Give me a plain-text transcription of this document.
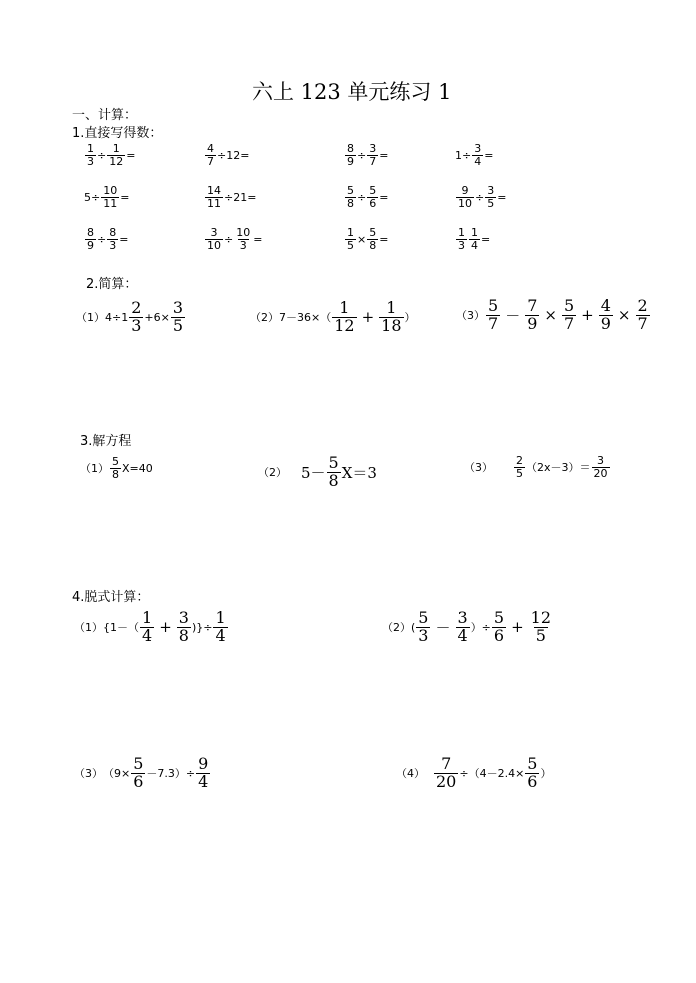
六上 123 单元练习 1
一、计算：
1.直接写得数：
$\frac{1}{3} \div \frac{1}{12}$ =	$\frac{4}{7} \div 12$ =	$\frac{8}{9} \div \frac{3}{7}$ =	$1 \div \frac{3}{4}$ =
$5 \div \frac{10}{11}$ =	$\frac{14}{11} \div 21$ =	$\frac{5}{8} \div \frac{5}{6}$ =	$\frac{9}{10} \div \frac{3}{5}$ =
$\frac{8}{9} \div \frac{8}{3}$ =	$\frac{3}{10} \div \frac{10}{3}$ =	$\frac{1}{5} \times \frac{5}{8}$ =	$\frac{1}{3} \frac{1}{4}$ =
2.简算：
（1） $4\div 1 \frac{2}{3} +6\times \frac{3}{5}$	（2） $7-36\times( \frac{1}{12} + \frac{1}{18}$ ）	$(3) \frac{5}{7} - \frac{7}{9} \times \frac{5}{7} + \frac{4}{9} \times \frac{2}{7}$
3.解方程
$(1) \frac{5}{8} X=40$	（2） $5- \frac{5}{8} X=3$	$(3) \frac{2}{5} (2x-3)= \frac{3}{20}$
4.脱式计算：
（1） {$1-( \frac{1}{4} + \frac{3}{8}$ )}÷ $\frac{1}{4}$	（2） ( $\frac{5}{3} - \frac{3}{4}$ ）÷ $\frac{5}{6} + \frac{12}{5}$
（3） $(9\times \frac{5}{6} -7.3)\div \frac{9}{4}$	$(4) \frac{7}{20} \div(4-2.4\times \frac{5}{6}$ ）
